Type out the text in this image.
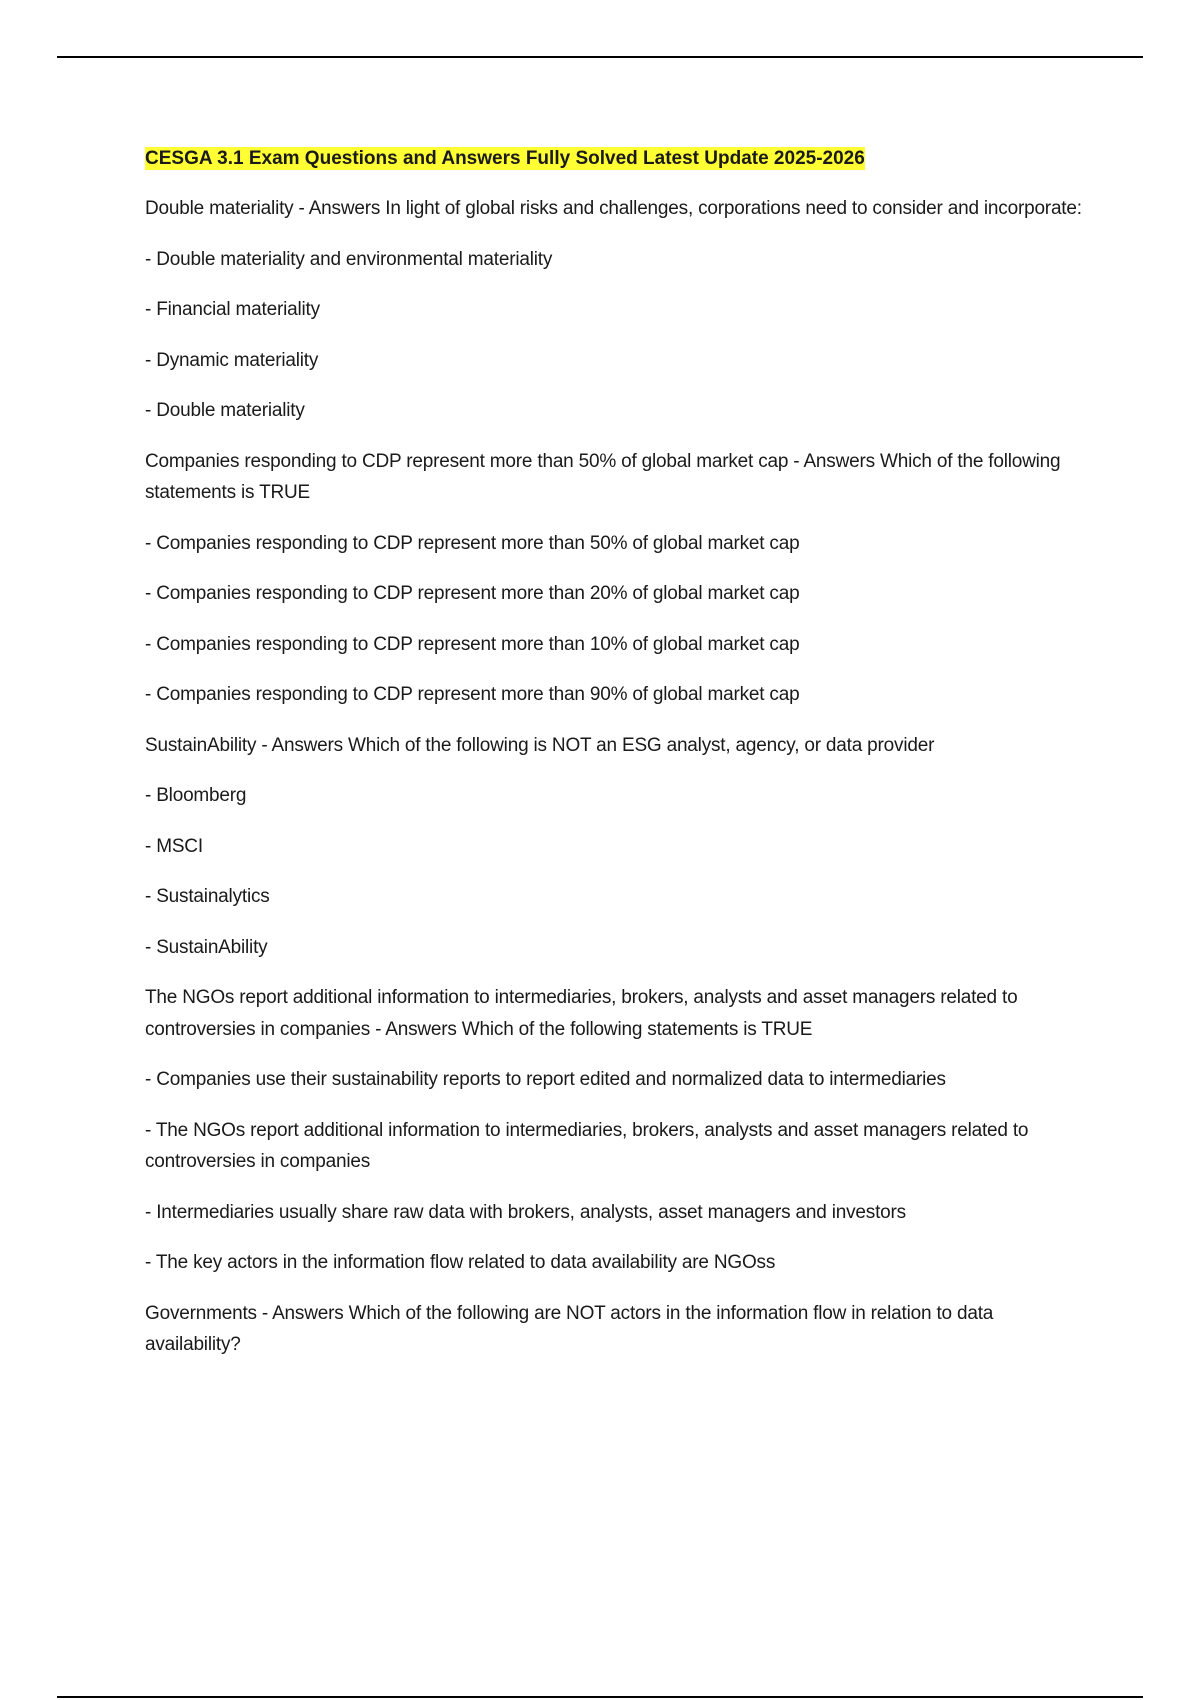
CESGA 3.1 Exam Questions and Answers Fully Solved Latest Update 2025-2026

Double materiality - Answers In light of global risks and challenges, corporations need to consider and incorporate:

- Double materiality and environmental materiality

- Financial materiality

- Dynamic materiality

- Double materiality

Companies responding to CDP represent more than 50% of global market cap - Answers Which of the following statements is TRUE

- Companies responding to CDP represent more than 50% of global market cap

- Companies responding to CDP represent more than 20% of global market cap

- Companies responding to CDP represent more than 10% of global market cap

- Companies responding to CDP represent more than 90% of global market cap

SustainAbility - Answers Which of the following is NOT an ESG analyst, agency, or data provider

- Bloomberg

- MSCI

- Sustainalytics

- SustainAbility

The NGOs report additional information to intermediaries, brokers, analysts and asset managers related to controversies in companies - Answers Which of the following statements is TRUE

- Companies use their sustainability reports to report edited and normalized data to intermediaries

- The NGOs report additional information to intermediaries, brokers, analysts and asset managers related to controversies in companies

- Intermediaries usually share raw data with brokers, analysts, asset managers and investors

- The key actors in the information flow related to data availability are NGOss

Governments - Answers Which of the following are NOT actors in the information flow in relation to data availability?
